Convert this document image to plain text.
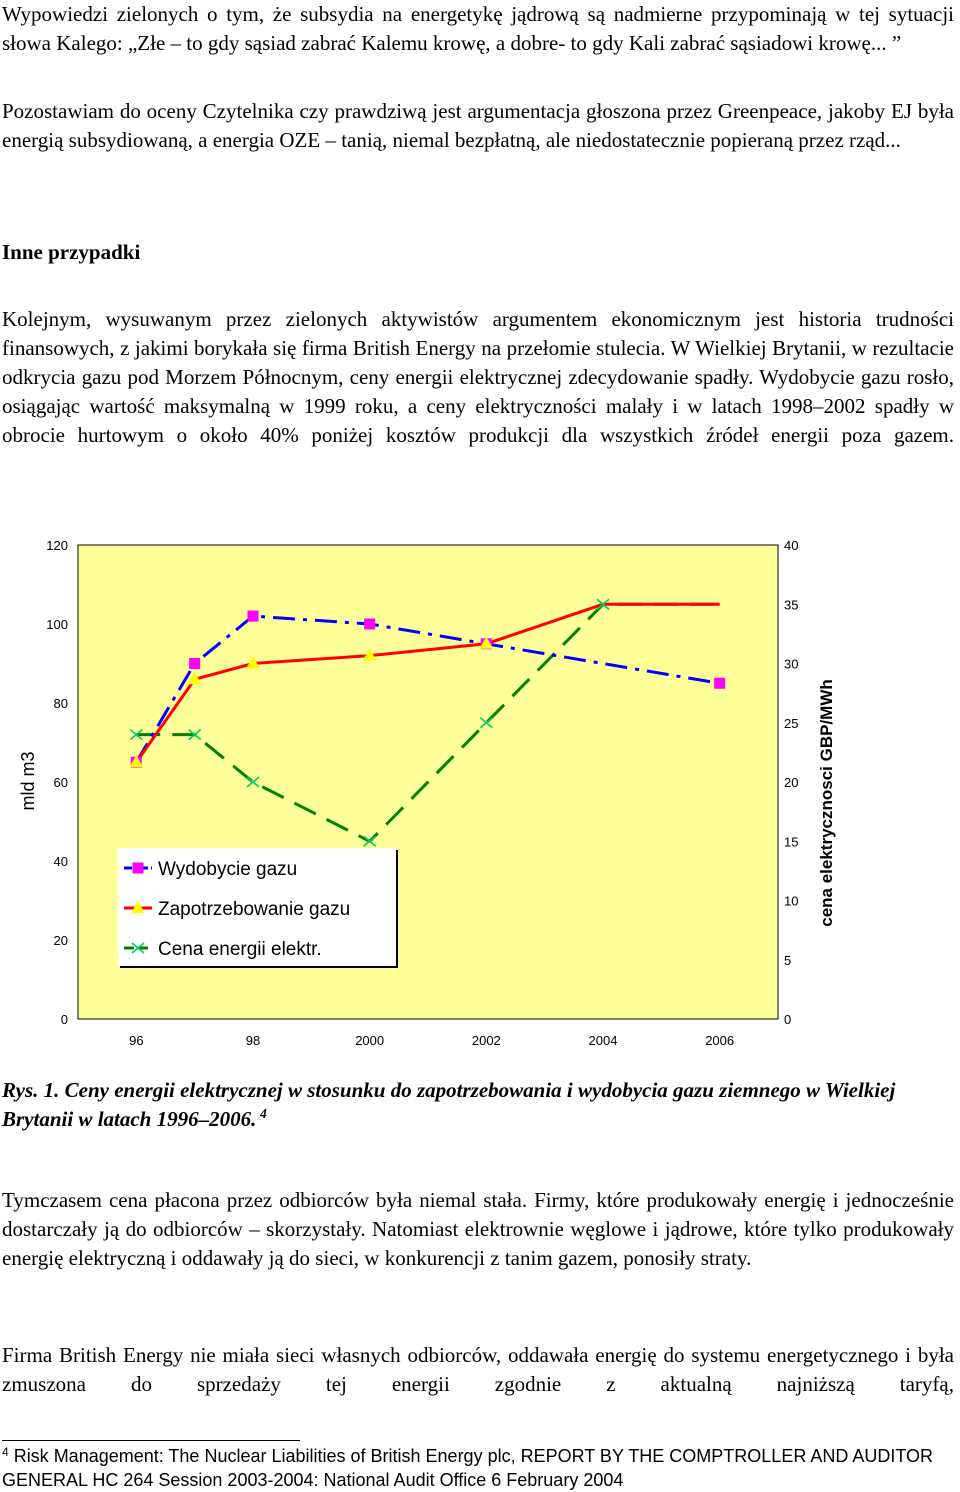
Wypowiedzi zielonych o tym, że subsydia na energetykę jądrową są nadmierne przypominają w tej sytuacji słowa Kalego: „Złe – to gdy sąsiad zabrać Kalemu krowę, a dobre- to gdy Kali zabrać sąsiadowi krowę... ”
Pozostawiam do oceny Czytelnika czy prawdziwą jest argumentacja głoszona przez Greenpeace, jakoby EJ była energią subsydiowaną, a energia OZE – tanią, niemal bezpłatną, ale niedostatecznie popieraną przez rząd...
Inne przypadki
Kolejnym, wysuwanym przez zielonych aktywistów argumentem ekonomicznym jest historia trudności finansowych, z jakimi borykała się firma British Energy na przełomie stulecia. W Wielkiej Brytanii, w rezultacie odkrycia gazu pod Morzem Północnym, ceny energii elektrycznej zdecydowanie spadły. Wydobycie gazu rosło, osiągając wartość maksymalną w 1999 roku, a ceny elektryczności malały i w latach 1998–2002 spadły w obrocie hurtowym o około 40% poniżej kosztów produkcji dla wszystkich źródeł energii poza gazem.
0
20
40
60
80
100
120
0
5
10
15
20
25
30
35
40
96	98	2000	2002	2004	2006
mld m3	cena elektrycznosci GBP/MWh
Wydobycie gazu
Zapotrzebowanie gazu
Cena energii elektr.
Rys. 1. Ceny energii elektrycznej w stosunku do zapotrzebowania i wydobycia gazu ziemnego w Wielkiej Brytanii w latach 1996–2006. $^4$
Tymczasem cena płacona przez odbiorców była niemal stała. Firmy, które produkowały energię i jednocześnie dostarczały ją do odbiorców – skorzystały. Natomiast elektrownie węglowe i jądrowe, które tylko produkowały energię elektryczną i oddawały ją do sieci, w konkurencji z tanim gazem, ponosiły straty.
Firma British Energy nie miała sieci własnych odbiorców, oddawała energię do systemu energetycznego i była zmuszona do sprzedaży tej energii zgodnie z aktualną najniższą taryfą,
$^4$ Risk Management: The Nuclear Liabilities of British Energy plc, REPORT BY THE COMPTROLLER AND AUDITOR GENERAL HC 264 Session 2003-2004: National Audit Office 6 February 2004
